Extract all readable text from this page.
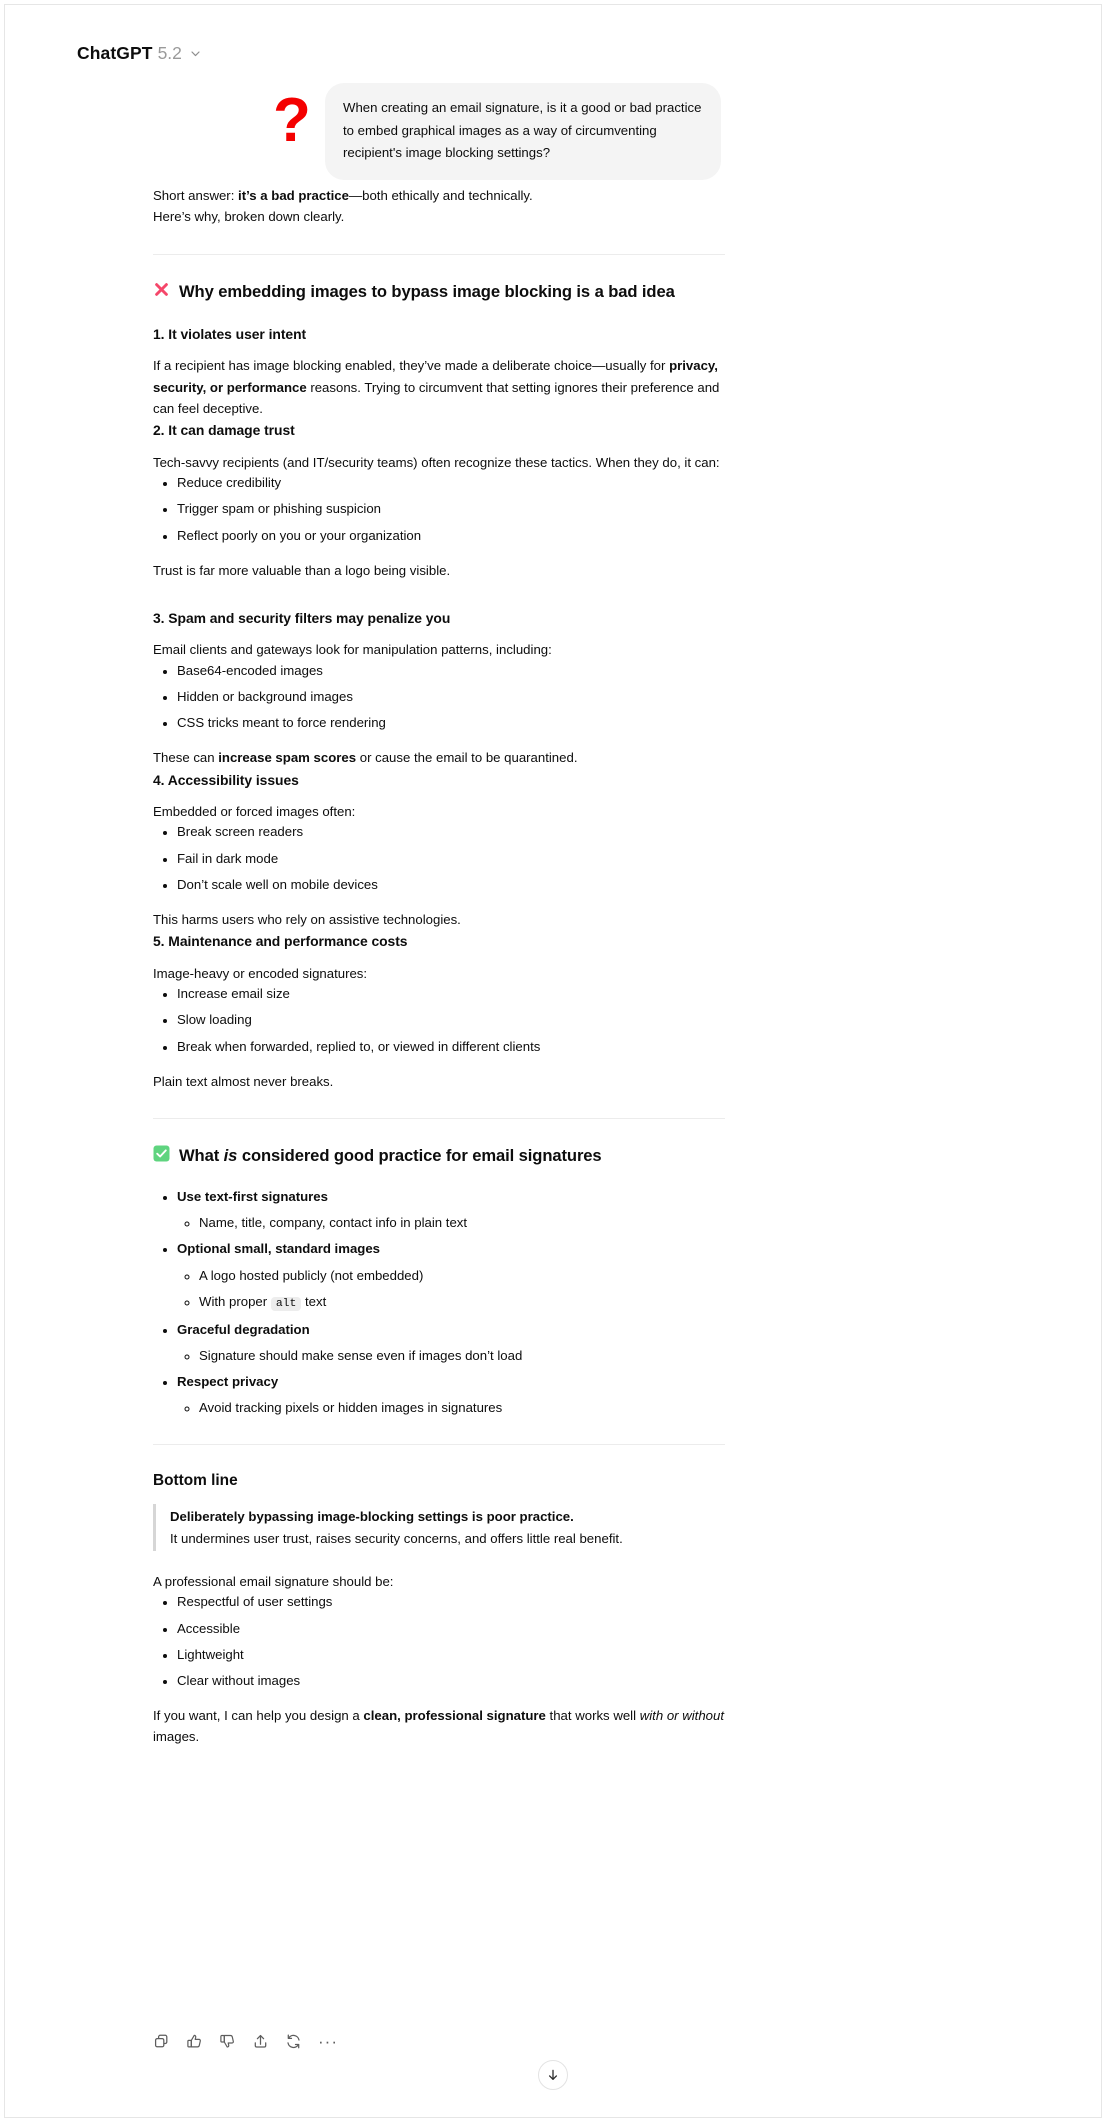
ChatGPT 5.2
?	When creating an email signature, is it a good or bad practice to embed graphical images as a way of circumventing recipient's image blocking settings?

Short answer: it’s a bad practice—both ethically and technically.

Here’s why, broken down clearly.

Why embedding images to bypass image blocking is a bad idea
1. It violates user intent

If a recipient has image blocking enabled, they’ve made a deliberate choice—usually for privacy, security, or performance reasons. Trying to circumvent that setting ignores their preference and can feel deceptive.

2. It can damage trust

Tech-savvy recipients (and IT/security teams) often recognize these tactics. When they do, it can:

• Reduce credibility
• Trigger spam or phishing suspicion
• Reflect poorly on you or your organization

Trust is far more valuable than a logo being visible.

3. Spam and security filters may penalize you

Email clients and gateways look for manipulation patterns, including:

• Base64-encoded images
• Hidden or background images
• CSS tricks meant to force rendering

These can increase spam scores or cause the email to be quarantined.

4. Accessibility issues

Embedded or forced images often:

• Break screen readers
• Fail in dark mode
• Don’t scale well on mobile devices

This harms users who rely on assistive technologies.

5. Maintenance and performance costs

Image-heavy or encoded signatures:

• Increase email size
• Slow loading
• Break when forwarded, replied to, or viewed in different clients

Plain text almost never breaks.

What is considered good practice for email signatures
• Use text-first signatures
◦ Name, title, company, contact info in plain text
• Optional small, standard images
◦ A logo hosted publicly (not embedded)
◦ With proper alt text
• Graceful degradation
◦ Signature should make sense even if images don’t load
• Respect privacy
◦ Avoid tracking pixels or hidden images in signatures
Bottom line
Deliberately bypassing image-blocking settings is poor practice.
It undermines user trust, raises security concerns, and offers little real benefit.

A professional email signature should be:

• Respectful of user settings
• Accessible
• Lightweight
• Clear without images

If you want, I can help you design a clean, professional signature that works well with or without images.

···
